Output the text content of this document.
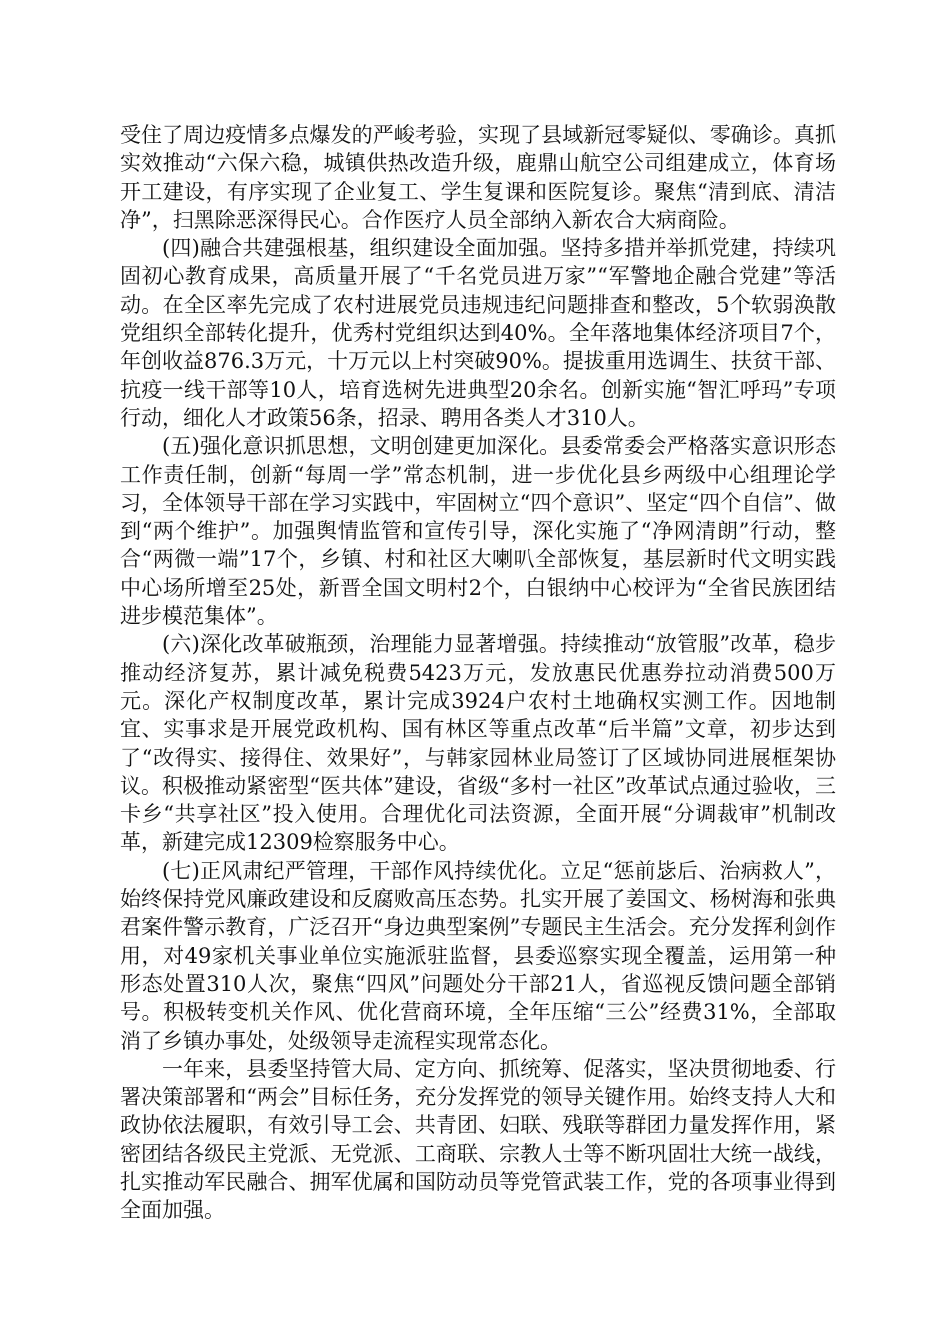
受住了周边疫情多点爆发的严峻考验，实现了县域新冠零疑似、零确诊。真抓实效推动“六保六稳，城镇供热改造升级，鹿鼎山航空公司组建成立，体育场开工建设，有序实现了企业复工、学生复课和医院复诊。聚焦“清到底、清洁净”，扫黑除恶深得民心。合作医疗人员全部纳入新农合大病商险。

(四)融合共建强根基，组织建设全面加强。坚持多措并举抓党建，持续巩固初心教育成果，高质量开展了“千名党员进万家”“军警地企融合党建”等活动。在全区率先完成了农村进展党员违规违纪问题排查和整改，5个软弱涣散党组织全部转化提升，优秀村党组织达到40%。全年落地集体经济项目7个，年创收益876.3万元，十万元以上村突破90%。提拔重用选调生、扶贫干部、抗疫一线干部等10人，培育选树先进典型20余名。创新实施“智汇呼玛”专项行动，细化人才政策56条，招录、聘用各类人才310人。

(五)强化意识抓思想，文明创建更加深化。县委常委会严格落实意识形态工作责任制，创新“每周一学”常态机制，进一步优化县乡两级中心组理论学习，全体领导干部在学习实践中，牢固树立“四个意识”、坚定“四个自信”、做到“两个维护”。加强舆情监管和宣传引导，深化实施了“净网清朗”行动，整合“两微一端”17个，乡镇、村和社区大喇叭全部恢复，基层新时代文明实践中心场所增至25处，新晋全国文明村2个，白银纳中心校评为“全省民族团结进步模范集体”。

(六)深化改革破瓶颈，治理能力显著增强。持续推动“放管服”改革，稳步推动经济复苏，累计减免税费5423万元，发放惠民优惠券拉动消费500万元。深化产权制度改革，累计完成3924户农村土地确权实测工作。因地制宜、实事求是开展党政机构、国有林区等重点改革“后半篇”文章，初步达到了“改得实、接得住、效果好”，与韩家园林业局签订了区域协同进展框架协议。积极推动紧密型“医共体”建设，省级“多村一社区”改革试点通过验收，三卡乡“共享社区”投入使用。合理优化司法资源，全面开展“分调裁审”机制改革，新建完成12309检察服务中心。

(七)正风肃纪严管理，干部作风持续优化。立足“惩前毖后、治病救人”，始终保持党风廉政建设和反腐败高压态势。扎实开展了姜国文、杨树海和张典君案件警示教育，广泛召开“身边典型案例”专题民主生活会。充分发挥利剑作用，对49家机关事业单位实施派驻监督，县委巡察实现全覆盖，运用第一种形态处置310人次，聚焦“四风”问题处分干部21人，省巡视反馈问题全部销号。积极转变机关作风、优化营商环境，全年压缩“三公”经费31%，全部取消了乡镇办事处，处级领导走流程实现常态化。

一年来，县委坚持管大局、定方向、抓统筹、促落实，坚决贯彻地委、行署决策部署和“两会”目标任务，充分发挥党的领导关键作用。始终支持人大和政协依法履职，有效引导工会、共青团、妇联、残联等群团力量发挥作用，紧密团结各级民主党派、无党派、工商联、宗教人士等不断巩固壮大统一战线，扎实推动军民融合、拥军优属和国防动员等党管武装工作，党的各项事业得到全面加强。
